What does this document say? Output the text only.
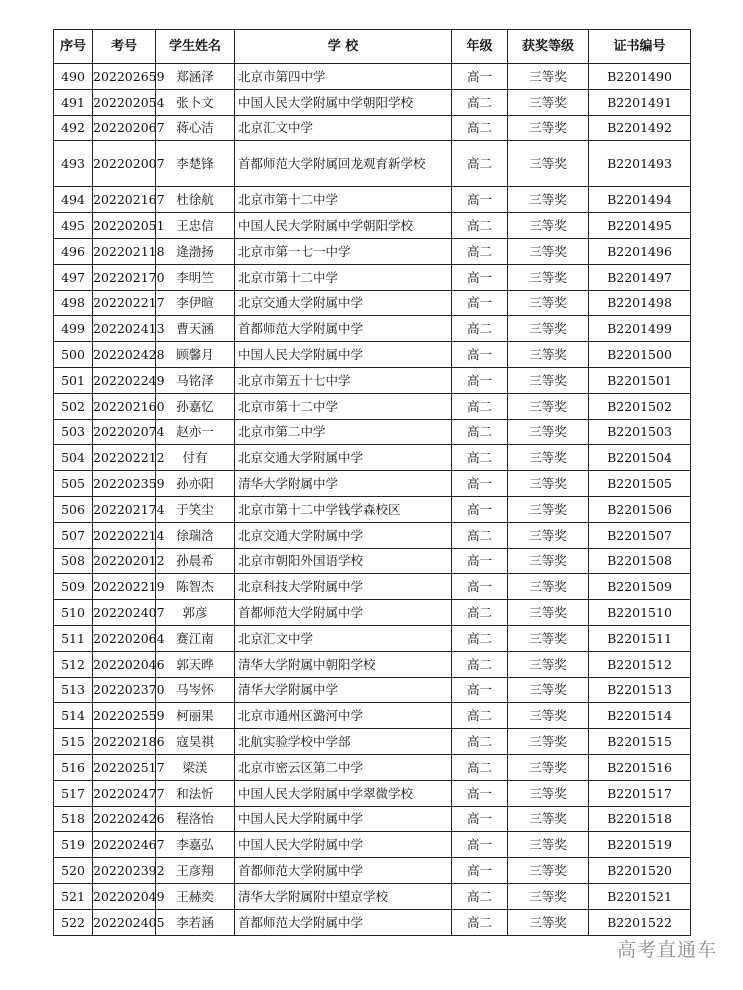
序号	考号	学生姓名	学 校	年级	获奖等级	证书编号
490	202202659	郑涵泽	北京市第四中学	高一	三等奖	B2201490
491	202202054	张卜文	中国人民大学附属中学朝阳学校	高二	三等奖	B2201491
492	202202067	蒋心洁	北京汇文中学	高二	三等奖	B2201492
493	202202007	李楚锋	首都师范大学附属回龙观育新学校	高二	三等奖	B2201493
494	202202167	杜徐航	北京市第十二中学	高一	三等奖	B2201494
495	202202051	王忠信	中国人民大学附属中学朝阳学校	高二	三等奖	B2201495
496	202202118	逄渤扬	北京市第一七一中学	高二	三等奖	B2201496
497	202202170	李明竺	北京市第十二中学	高一	三等奖	B2201497
498	202202217	李伊暄	北京交通大学附属中学	高一	三等奖	B2201498
499	202202413	曹天涵	首都师范大学附属中学	高二	三等奖	B2201499
500	202202428	顾馨月	中国人民大学附属中学	高一	三等奖	B2201500
501	202202249	马铭泽	北京市第五十七中学	高一	三等奖	B2201501
502	202202160	孙嘉忆	北京市第十二中学	高二	三等奖	B2201502
503	202202074	赵亦一	北京市第二中学	高二	三等奖	B2201503
504	202202212	付有	北京交通大学附属中学	高二	三等奖	B2201504
505	202202359	孙亦阳	清华大学附属中学	高一	三等奖	B2201505
506	202202174	于笑尘	北京市第十二中学钱学森校区	高一	三等奖	B2201506
507	202202214	徐瑞浛	北京交通大学附属中学	高二	三等奖	B2201507
508	202202012	孙晨希	北京市朝阳外国语学校	高一	三等奖	B2201508
509	202202219	陈智杰	北京科技大学附属中学	高一	三等奖	B2201509
510	202202407	郭彦	首都师范大学附属中学	高二	三等奖	B2201510
511	202202064	赛江南	北京汇文中学	高二	三等奖	B2201511
512	202202046	郭天晔	清华大学附属中朝阳学校	高二	三等奖	B2201512
513	202202370	马岑怀	清华大学附属中学	高一	三等奖	B2201513
514	202202559	柯丽果	北京市通州区潞河中学	高二	三等奖	B2201514
515	202202186	寇昊祺	北航实验学校中学部	高二	三等奖	B2201515
516	202202517	梁渼	北京市密云区第二中学	高二	三等奖	B2201516
517	202202477	和法忻	中国人民大学附属中学翠微学校	高一	三等奖	B2201517
518	202202426	程洛怡	中国人民大学附属中学	高一	三等奖	B2201518
519	202202467	李嘉弘	中国人民大学附属中学	高一	三等奖	B2201519
520	202202392	王彦翔	首都师范大学附属中学	高一	三等奖	B2201520
521	202202049	王赫奕	清华大学附属附中望京学校	高二	三等奖	B2201521
522	202202405	李若涵	首都师范大学附属中学	高二	三等奖	B2201522
高考直通车
